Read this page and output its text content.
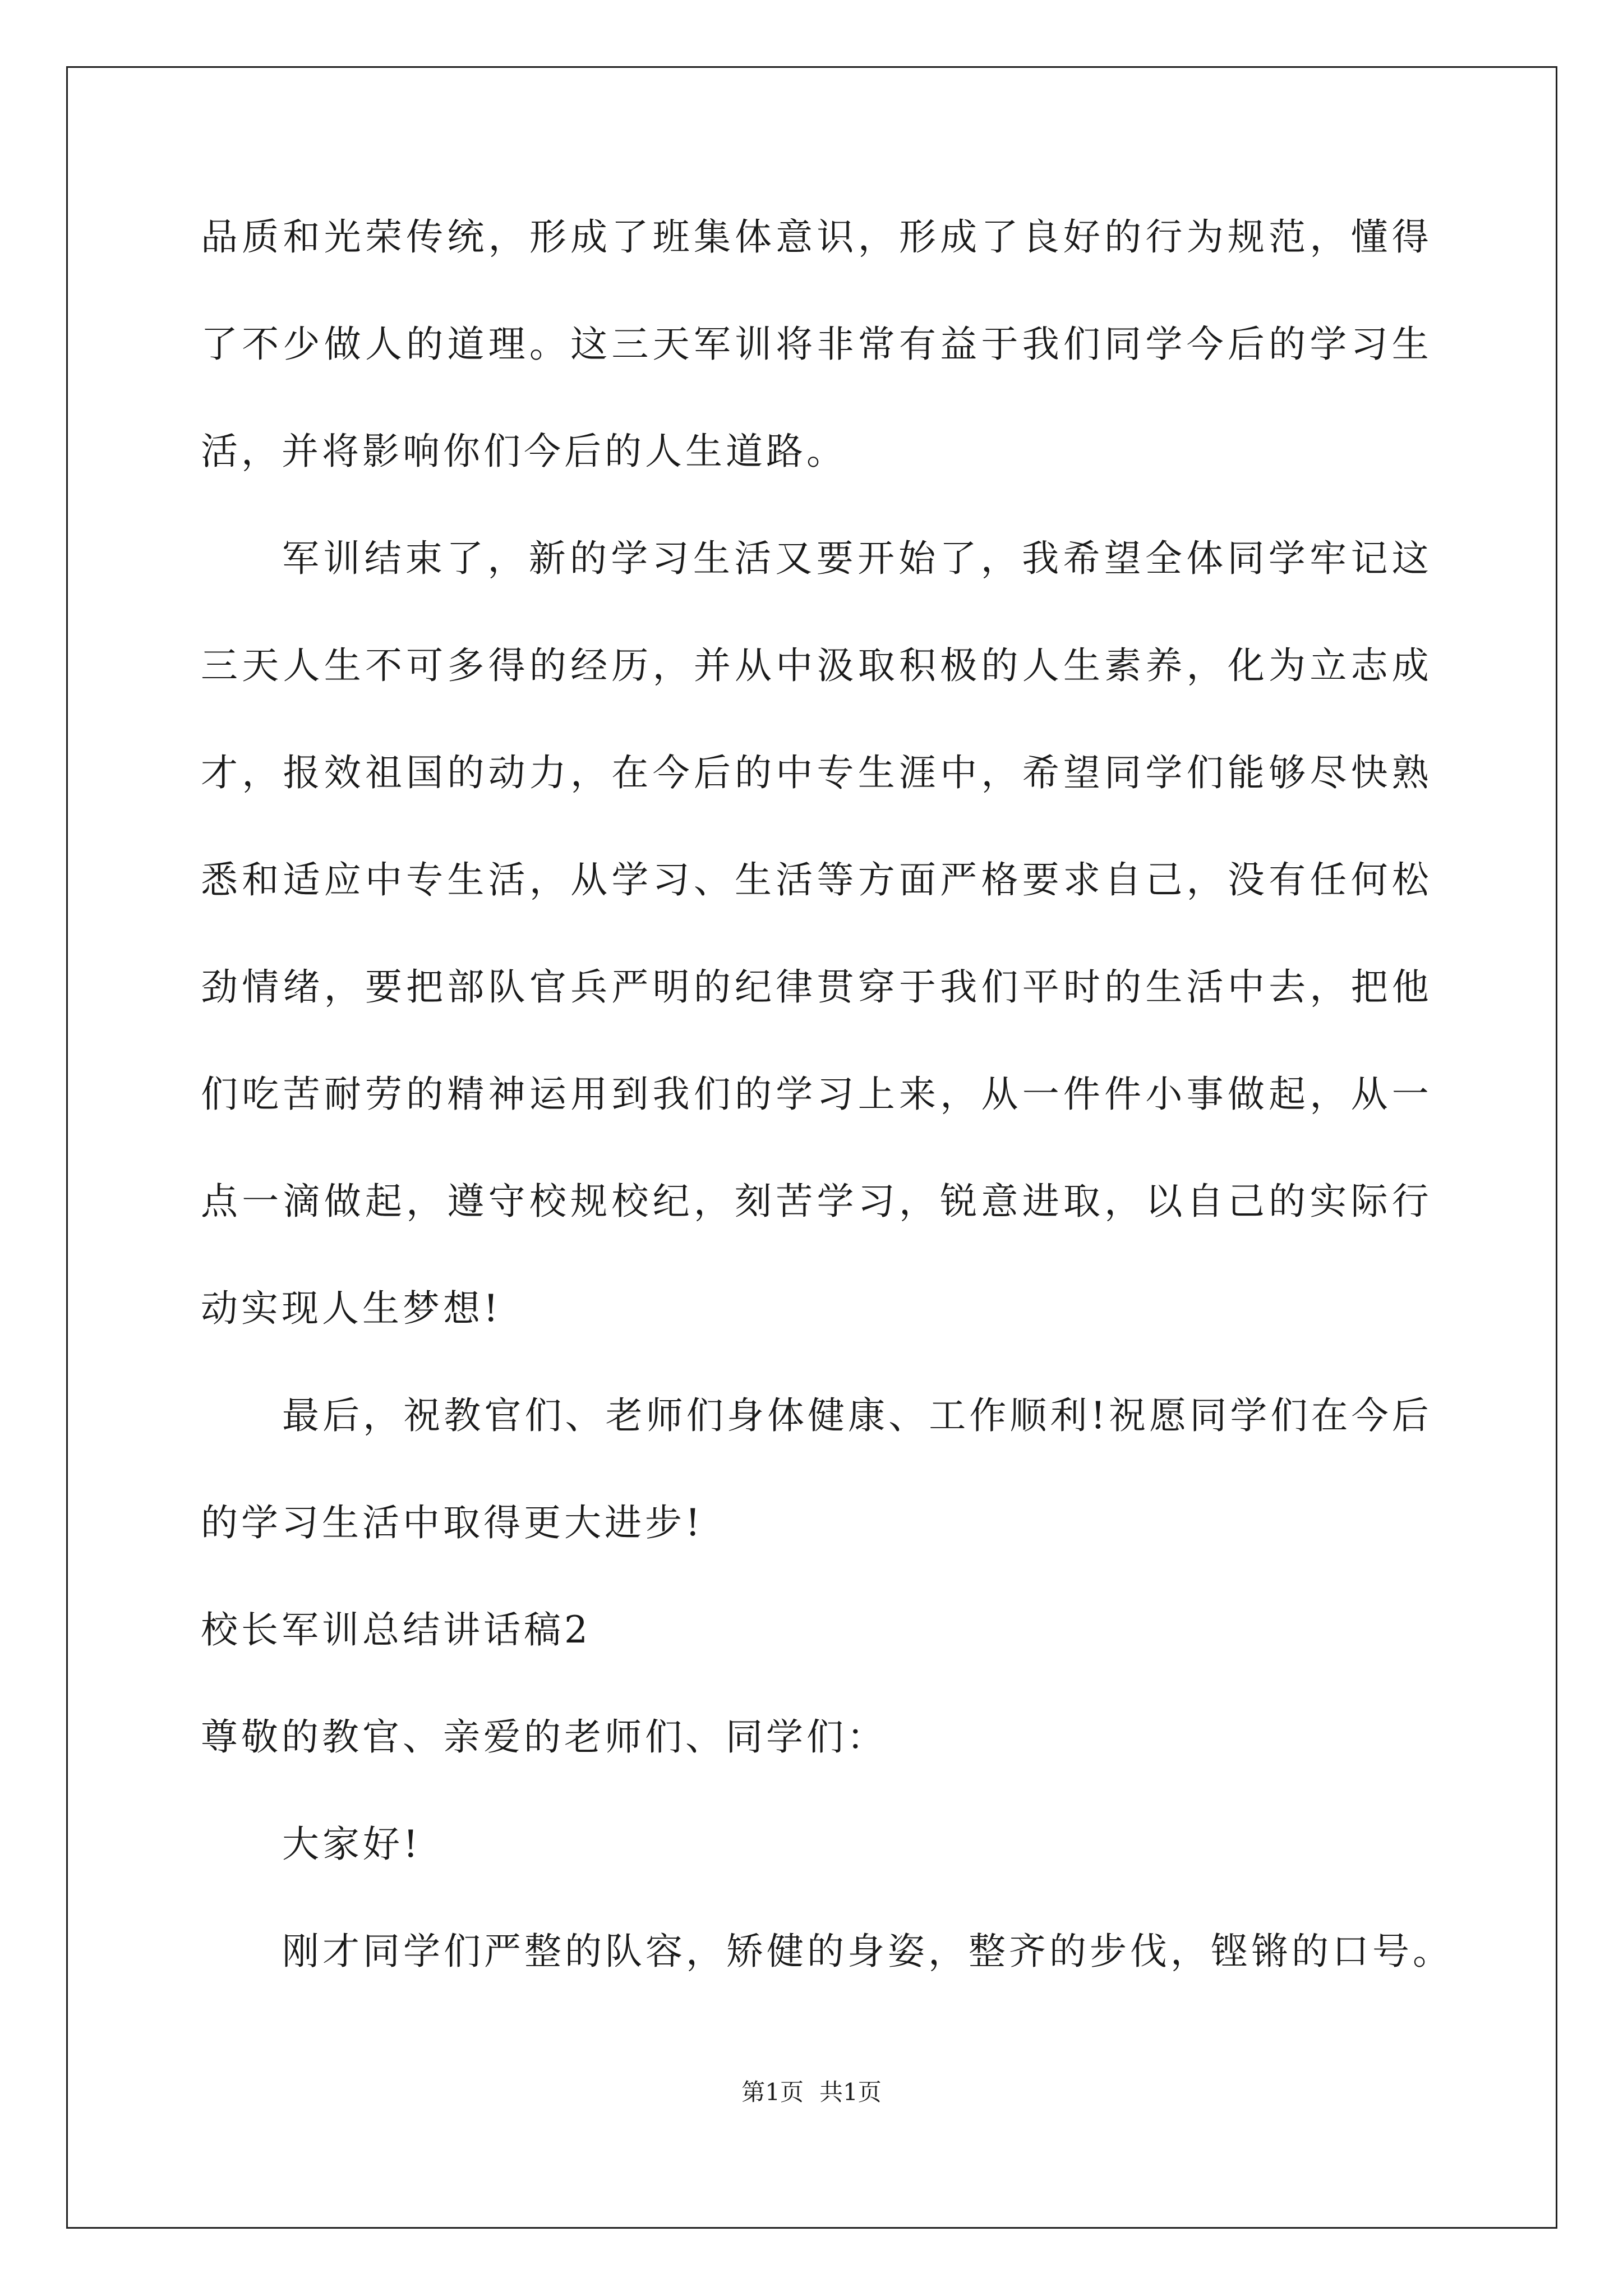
品 质 和 光 荣 传 统 ， 形 成 了 班 集 体 意 识 ， 形 成 了 良 好 的 行 为 规 范 ， 懂 得
了 不 少 做 人 的 道 理 。 这 三 天 军 训 将 非 常 有 益 于 我 们 同 学 今 后 的 学 习 生
活，并将影响你们今后的人生道路。
军 训 结 束 了 ， 新 的 学 习 生 活 又 要 开 始 了 ， 我 希 望 全 体 同 学 牢 记 这
三 天 人 生 不 可 多 得 的 经 历 ， 并 从 中 汲 取 积 极 的 人 生 素 养 ， 化 为 立 志 成
才 ， 报 效 祖 国 的 动 力 ， 在 今 后 的 中 专 生 涯 中 ， 希 望 同 学 们 能 够 尽 快 熟
悉 和 适 应 中 专 生 活 ， 从 学 习 、 生 活 等 方 面 严 格 要 求 自 己 ， 没 有 任 何 松
劲 情 绪 ， 要 把 部 队 官 兵 严 明 的 纪 律 贯 穿 于 我 们 平 时 的 生 活 中 去 ， 把 他
们 吃 苦 耐 劳 的 精 神 运 用 到 我 们 的 学 习 上 来 ， 从 一 件 件 小 事 做 起 ， 从 一
点 一 滴 做 起 ， 遵 守 校 规 校 纪 ， 刻 苦 学 习 ， 锐 意 进 取 ， 以 自 己 的 实 际 行
动实现人生梦想!
最 后 ， 祝 教 官 们 、 老 师 们 身 体 健 康 、 工 作 顺 利 ! 祝 愿 同 学 们 在 今 后
的学习生活中取得更大进步!
校长军训总结讲话稿2
尊敬的教官、亲爱的老师们、同学们：
大家好!
刚才同学们严整的队容，矫健的身姿，整齐的步伐，铿锵的口号。
第1页 共1页
